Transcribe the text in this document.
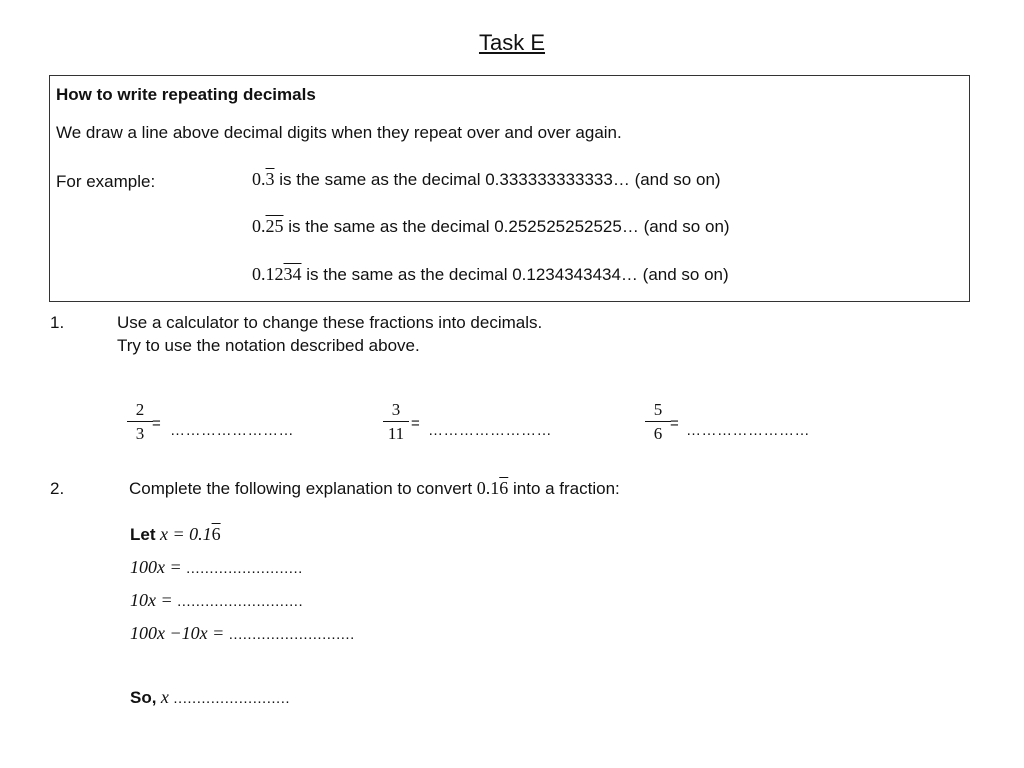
Task E
How to write repeating decimals
We draw a line above decimal digits when they repeat over and over again.
For example:	0.3 is the same as the decimal 0.333333333333… (and so on)
0.25 is the same as the decimal 0.252525252525… (and so on)
0.1234 is the same as the decimal 0.1234343434… (and so on)
1.	Use a calculator to change these fractions into decimals.
Try to use the notation described above.
2
3
= ……………………
3
11
= ……………………
5
6
= ……………………
2.	Complete the following explanation to convert 0.16 into a fraction:
Let x = 0.16
100x = .........................
10x = ...........................
100x −10x = ...........................
So, x .........................
